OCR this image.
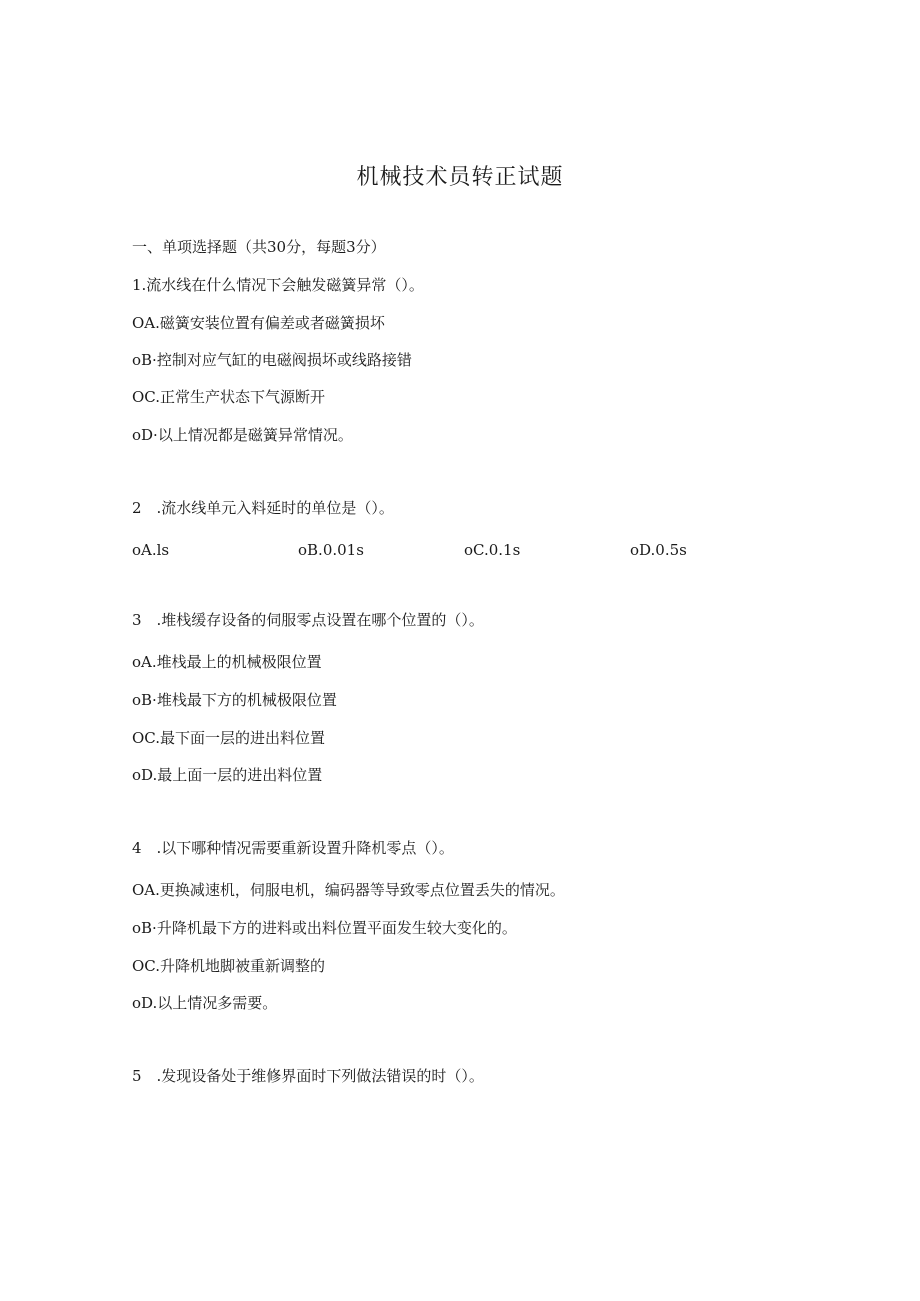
机械技术员转正试题
一、单项选择题（共30分，每题3分）
1.流水线在什么情况下会触发磁簧异常（）。
OA.磁簧安装位置有偏差或者磁簧损坏
oB·控制对应气缸的电磁阀损坏或线路接错
OC.正常生产状态下气源断开
oD·以上情况都是磁簧异常情况。
2　.流水线单元入料延时的单位是（）。
oA.ls	oB.0.01s	oC.0.1s	oD.0.5s
3　.堆栈缓存设备的伺服零点设置在哪个位置的（）。
oA.堆栈最上的机械极限位置
oB·堆栈最下方的机械极限位置
OC.最下面一层的进出料位置
oD.最上面一层的进出料位置
4　.以下哪种情况需要重新设置升降机零点（）。
OA.更换减速机，伺服电机，编码器等导致零点位置丢失的情况。
oB·升降机最下方的进料或出料位置平面发生较大变化的。
OC.升降机地脚被重新调整的
oD.以上情况多需要。
5　.发现设备处于维修界面时下列做法错误的时（）。
